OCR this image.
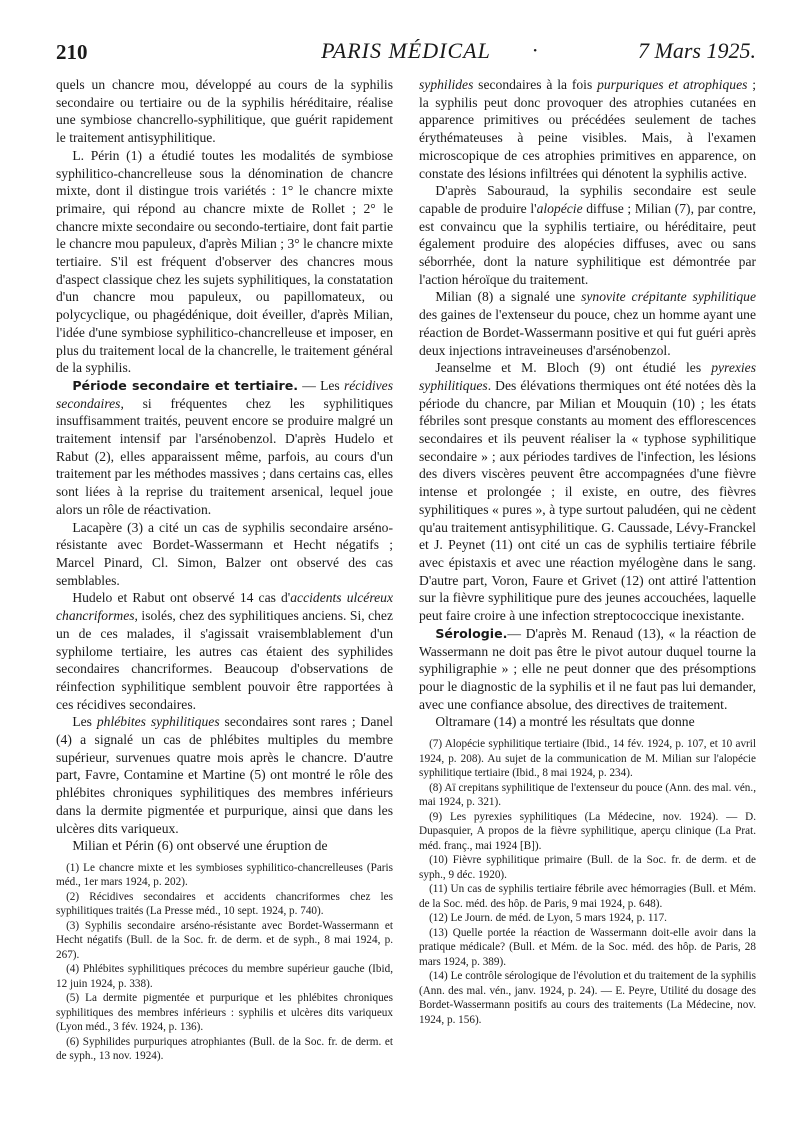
210	PARIS MÉDICAL	·	7 Mars 1925.

quels un chancre mou, développé au cours de la syphilis secondaire ou tertiaire ou de la syphilis héréditaire, réalise une symbiose chancrello-syphilitique, que guérit rapidement le traitement antisyphilitique.

L. Périn (1) a étudié toutes les modalités de symbiose syphilitico-chancrelleuse sous la dénomination de chancre mixte, dont il distingue trois variétés : 1° le chancre mixte primaire, qui répond au chancre mixte de Rollet ; 2° le chancre mixte secondaire ou secondo-tertiaire, dont fait partie le chancre mou papuleux, d'après Milian ; 3° le chancre mixte tertiaire. S'il est fréquent d'observer des chancres mous d'aspect classique chez les sujets syphilitiques, la constatation d'un chancre mou papuleux, ou papillomateux, ou polycyclique, ou phagédénique, doit éveiller, d'après Milian, l'idée d'une symbiose syphilitico-chancrelleuse et imposer, en plus du traitement local de la chancrelle, le traitement général de la syphilis.

Période secondaire et tertiaire. — Les récidives secondaires, si fréquentes chez les syphilitiques insuffisamment traités, peuvent encore se produire malgré un traitement intensif par l'arsénobenzol. D'après Hudelo et Rabut (2), elles apparaissent même, parfois, au cours d'un traitement par les méthodes massives ; dans certains cas, elles sont liées à la reprise du traitement arsenical, lequel joue alors un rôle de réactivation.

Lacapère (3) a cité un cas de syphilis secondaire arséno-résistante avec Bordet-Wassermann et Hecht négatifs ; Marcel Pinard, Cl. Simon, Balzer ont observé des cas semblables.

Hudelo et Rabut ont observé 14 cas d'accidents ulcéreux chancriformes, isolés, chez des syphilitiques anciens. Si, chez un de ces malades, il s'agissait vraisemblablement d'un syphilome tertiaire, les autres cas étaient des syphilides secondaires chancriformes. Beaucoup d'observations de réinfection syphilitique semblent pouvoir être rapportées à ces récidives secondaires.

Les phlébites syphilitiques secondaires sont rares ; Danel (4) a signalé un cas de phlébites multiples du membre supérieur, survenues quatre mois après le chancre. D'autre part, Favre, Contamine et Martine (5) ont montré le rôle des phlébites chroniques syphilitiques des membres inférieurs dans la dermite pigmentée et purpurique, ainsi que dans les ulcères dits variqueux.

Milian et Périn (6) ont observé une éruption de

(1) Le chancre mixte et les symbioses syphilitico-chancrelleuses (Paris méd., 1er mars 1924, p. 202).

(2) Récidives secondaires et accidents chancriformes chez les syphilitiques traités (La Presse méd., 10 sept. 1924, p. 740).

(3) Syphilis secondaire arséno-résistante avec Bordet-Wassermann et Hecht négatifs (Bull. de la Soc. fr. de derm. et de syph., 8 mai 1924, p. 267).

(4) Phlébites syphilitiques précoces du membre supérieur gauche (Ibid, 12 juin 1924, p. 338).

(5) La dermite pigmentée et purpurique et les phlébites chroniques syphilitiques des membres inférieurs : syphilis et ulcères dits variqueux (Lyon méd., 3 fév. 1924, p. 136).

(6) Syphilides purpuriques atrophiantes (Bull. de la Soc. fr. de derm. et de syph., 13 nov. 1924).

syphilides secondaires à la fois purpuriques et atrophiques ; la syphilis peut donc provoquer des atrophies cutanées en apparence primitives ou précédées seulement de taches érythémateuses à peine visibles. Mais, à l'examen microscopique de ces atrophies primitives en apparence, on constate des lésions infiltrées qui dénotent la syphilis active.

D'après Sabouraud, la syphilis secondaire est seule capable de produire l'alopécie diffuse ; Milian (7), par contre, est convaincu que la syphilis tertiaire, ou héréditaire, peut également produire des alopécies diffuses, avec ou sans séborrhée, dont la nature syphilitique est démontrée par l'action héroïque du traitement.

Milian (8) a signalé une synovite crépitante syphilitique des gaines de l'extenseur du pouce, chez un homme ayant une réaction de Bordet-Wassermann positive et qui fut guéri après deux injections intraveineuses d'arsénobenzol.

Jeanselme et M. Bloch (9) ont étudié les pyrexies syphilitiques. Des élévations thermiques ont été notées dès la période du chancre, par Milian et Mouquin (10) ; les états fébriles sont presque constants au moment des efflorescences secondaires et ils peuvent réaliser la « typhose syphilitique secondaire » ; aux périodes tardives de l'infection, les lésions des divers viscères peuvent être accompagnées d'une fièvre intense et prolongée ; il existe, en outre, des fièvres syphilitiques « pures », à type surtout paludéen, qui ne cèdent qu'au traitement antisyphilitique. G. Caussade, Lévy-Franckel et J. Peynet (11) ont cité un cas de syphilis tertiaire fébrile avec épistaxis et avec une réaction myélogène dans le sang. D'autre part, Voron, Faure et Grivet (12) ont attiré l'attention sur la fièvre syphilitique pure des jeunes accouchées, laquelle peut faire croire à une infection streptococcique inexistante.

Sérologie.— D'après M. Renaud (13), « la réaction de Wassermann ne doit pas être le pivot autour duquel tourne la syphiligraphie » ; elle ne peut donner que des présomptions pour le diagnostic de la syphilis et il ne faut pas lui demander, avec une confiance absolue, des directives de traitement.

Oltramare (14) a montré les résultats que donne

(7) Alopécie syphilitique tertiaire (Ibid., 14 fév. 1924, p. 107, et 10 avril 1924, p. 208). Au sujet de la communication de M. Milian sur l'alopécie syphilitique tertiaire (Ibid., 8 mai 1924, p. 234).

(8) Aï crepitans syphilitique de l'extenseur du pouce (Ann. des mal. vén., mai 1924, p. 321).

(9) Les pyrexies syphilitiques (La Médecine, nov. 1924). — D. Dupasquier, A propos de la fièvre syphilitique, aperçu clinique (La Prat. méd. franç., mai 1924 [B]).

(10) Fièvre syphilitique primaire (Bull. de la Soc. fr. de derm. et de syph., 9 déc. 1920).

(11) Un cas de syphilis tertiaire fébrile avec hémorragies (Bull. et Mém. de la Soc. méd. des hôp. de Paris, 9 mai 1924, p. 648).

(12) Le Journ. de méd. de Lyon, 5 mars 1924, p. 117.

(13) Quelle portée la réaction de Wassermann doit-elle avoir dans la pratique médicale? (Bull. et Mém. de la Soc. méd. des hôp. de Paris, 28 mars 1924, p. 389).

(14) Le contrôle sérologique de l'évolution et du traitement de la syphilis (Ann. des mal. vén., janv. 1924, p. 24). — E. Peyre, Utilité du dosage des Bordet-Wassermann positifs au cours des traitements (La Médecine, nov. 1924, p. 156).
